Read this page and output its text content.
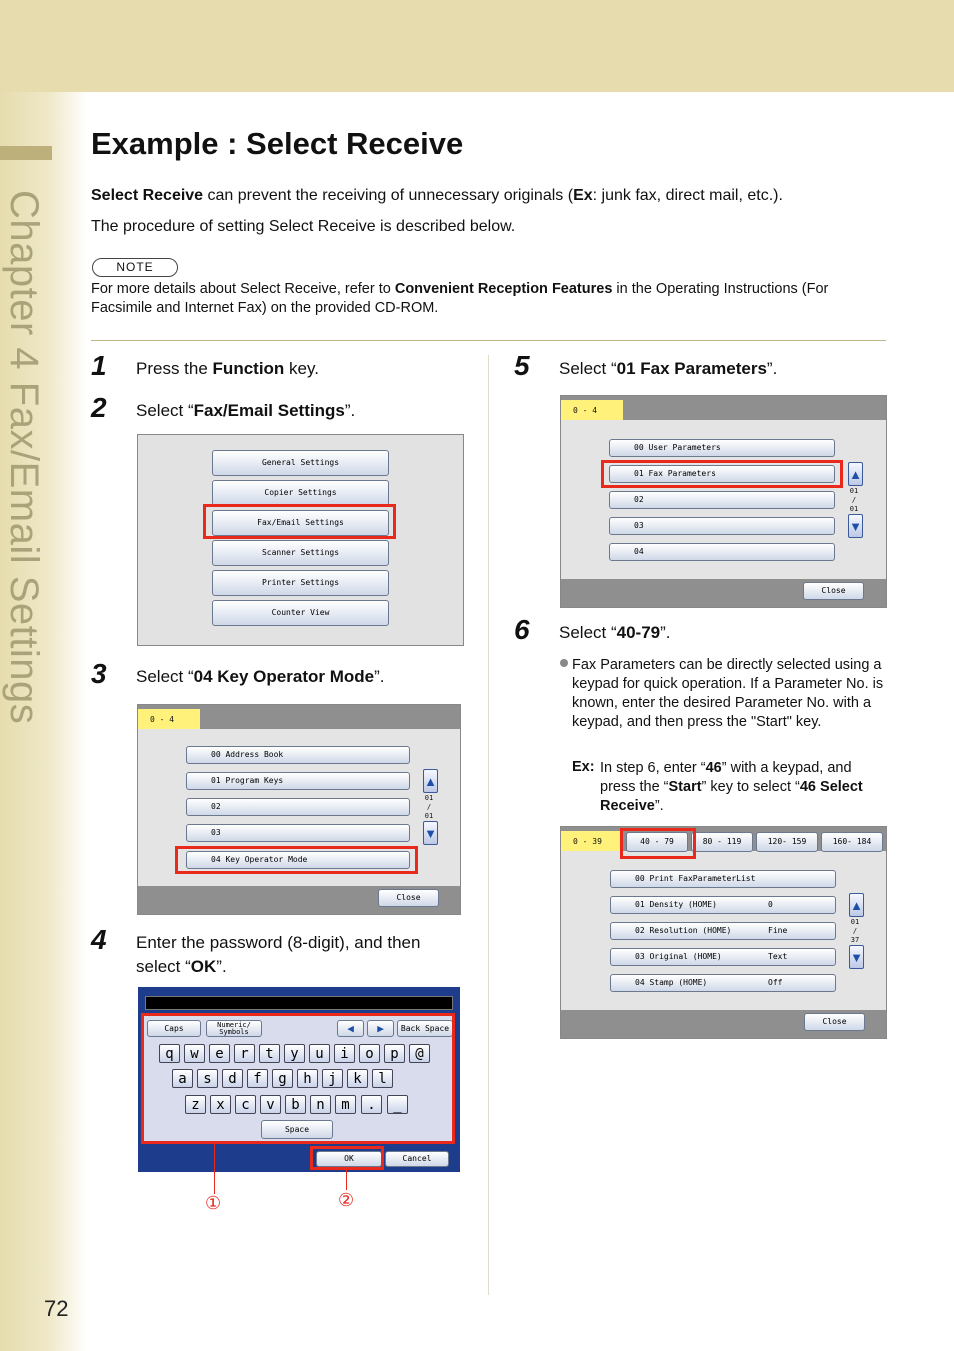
Chapter 4 Fax/Email Settings
72
Example : Select Receive

Select Receive can prevent the receiving of unnecessary originals (Ex: junk fax, direct mail, etc.).

The procedure of setting Select Receive is described below.

NOTE
For more details about Select Receive, refer to Convenient Reception Features in the Operating Instructions (For Facsimile and Internet Fax) on the provided CD-ROM.
1 Press the Function key.
2 Select “Fax/Email Settings”.
General Settings
Copier Settings
Fax/Email Settings
Scanner Settings
Printer Settings
Counter View
3 Select “04 Key Operator Mode”.
0 - 4
00 Address Book
01 Program Keys
02
03
04 Key Operator Mode
▲
01
/
01
▼
Close
4 Enter the password (8-digit), and then select “OK”.
Caps	Numeric/ Symbols	◀	▶	Back Space
q	w	e	r	t	y	u	i	o	p	@
a	s	d	f	g	h	j	k	l
z	x	c	v	b	n	m	.	_
Space
OK	Cancel
①	②
5 Select “01 Fax Parameters”.
0 - 4
00 User Parameters
01 Fax Parameters
02
03
04
▲
01
/
01
▼
Close
6 Select “40-79”.
Fax Parameters can be directly selected using a keypad for quick operation. If a Parameter No. is known, enter the desired Parameter No. with a keypad, and then press the "Start" key.
Ex: In step 6, enter “46” with a keypad, and press the “Start” key to select “46 Select Receive”.
0 - 39	40 - 79	80 - 119	120- 159	160- 184
00 Print FaxParameterList
01 Density (HOME)	0
02 Resolution (HOME)	Fine
03 Original (HOME)	Text
04 Stamp (HOME)	Off
▲
01
/
37
▼
Close
